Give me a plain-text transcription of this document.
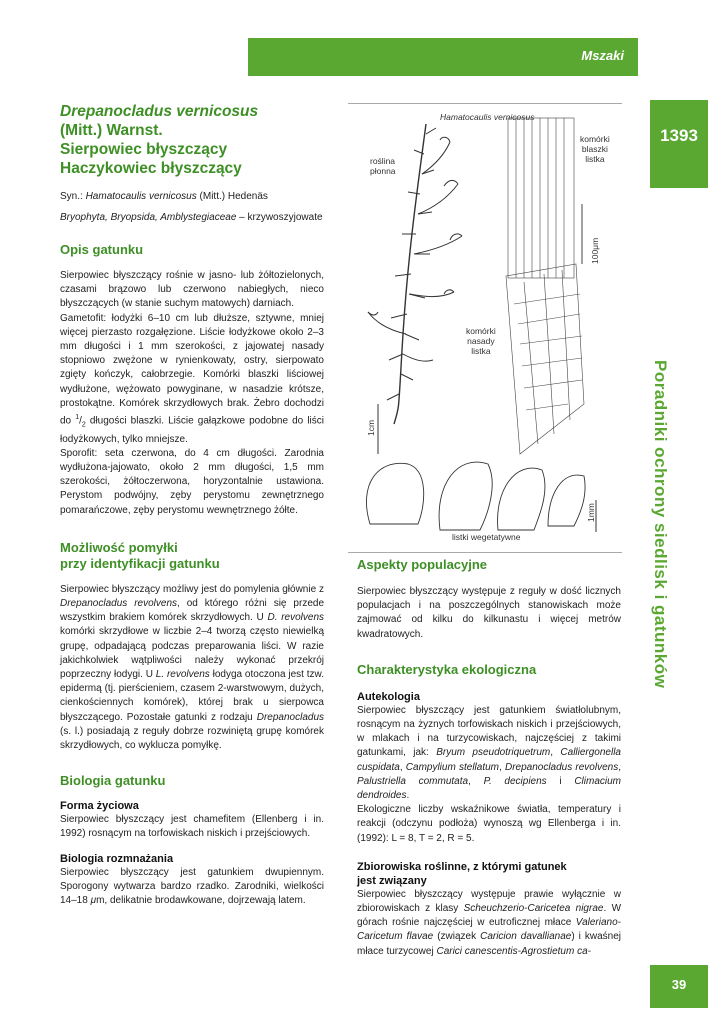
Mszaki
1393
Poradniki ochrony siedlisk i gatunków
39
Drepanocladus vernicosus
(Mitt.) Warnst.
Sierpowiec błyszczący
Haczykowiec błyszczący
Syn.: Hamatocaulis vernicosus (Mitt.) Hedenäs
Bryophyta, Bryopsida, Amblystegiaceae – krzywoszyjowate
Opis gatunku

Sierpowiec błyszczący rośnie w jasno- lub żółtozielonych, czasami brązowo lub czerwono nabiegłych, nieco błyszczących (w stanie suchym matowych) darniach.

Gametofit: łodyżki 6–10 cm lub dłuższe, sztywne, mniej więcej pierzasto rozgałęzione. Liście łodyżkowe około 2–3 mm długości i 1 mm szerokości, z jajowatej nasady stopniowo zwężone w rynienkowaty, ostry, sierpowato zgięty kończyk, całobrzegie. Komórki blaszki liściowej wydłużone, wężowato powyginane, w nasadzie krótsze, prostokątne. Komórek skrzydłowych brak. Żebro dochodzi do $^1/_2$ długości blaszki. Liście gałązkowe podobne do liści łodyżkowych, tylko mniejsze.

Sporofit: seta czerwona, do 4 cm długości. Zarodnia wydłużona-jajowato, około 2 mm długości, 1,5 mm szerokości, żółtoczerwona, horyzontalnie ustawiona. Perystom podwójny, zęby perystomu zewnętrznego pomarańczowe, zęby perystomu wewnętrznego żółte.

Możliwość pomyłki
przy identyfikacji gatunku

Sierpowiec błyszczący możliwy jest do pomylenia głównie z Drepanocladus revolvens, od którego różni się przede wszystkim brakiem komórek skrzydłowych. U D. revolvens komórki skrzydłowe w liczbie 2–4 tworzą często niewielką grupę, odpadającą podczas preparowania liści. W razie jakichkolwiek wątpliwości należy wykonać przekrój poprzeczny łodygi. U L. revolvens łodyga otoczona jest tzw. epidermą (tj. pierścieniem, czasem 2-warstwowym, dużych, cienkościennych komórek), której brak u sierpowca błyszczącego. Pozostałe gatunki z rodzaju Drepanocladus (s. l.) posiadają z reguły dobrze rozwiniętą grupę komórek skrzydłowych, co wyklucza pomyłkę.

Biologia gatunku
Forma życiowa

Sierpowiec błyszczący jest chamefitem (Ellenberg i in. 1992) rosnącym na torfowiskach niskich i przejściowych.

Biologia rozmnażania

Sierpowiec błyszczący jest gatunkiem dwupiennym. Sporogony wytwarza bardzo rzadko. Zarodniki, wielkości 14–18 μm, delikatnie brodawkowane, dojrzewają latem.

Hamatocaulis vernicosus
roślina
płonna
komórki
blaszki
listka
100μm
komórki
nasady
listka
1cm
1mm
listki wegetatywne
Aspekty populacyjne

Sierpowiec błyszczący występuje z reguły w dość licznych populacjach i na poszczególnych stanowiskach może zajmować od kilku do kilkunastu i więcej metrów kwadratowych.

Charakterystyka ekologiczna
Autekologia

Sierpowiec błyszczący jest gatunkiem światłolubnym, rosnącym na żyznych torfowiskach niskich i przejściowych, w mlakach i na turzycowiskach, najczęściej z takimi gatunkami, jak: Bryum pseudotriquetrum, Calliergonella cuspidata, Campylium stellatum, Drepanocladus revolvens, Palustriella commutata, P. decipiens i Climacium dendroides.

Ekologiczne liczby wskaźnikowe światła, temperatury i reakcji (odczynu podłoża) wynoszą wg Ellenberga i in. (1992): L = 8, T = 2, R = 5.

Zbiorowiska roślinne, z którymi gatunek
jest związany

Sierpowiec błyszczący występuje prawie wyłącznie w zbiorowiskach z klasy Scheuchzerio-Caricetea nigrae. W górach rośnie najczęściej w eutroficznej młace Valeriano-Caricetum flavae (związek Caricion davallianae) i kwaśnej młace turzycowej Carici canescentis-Agrostietum ca-
